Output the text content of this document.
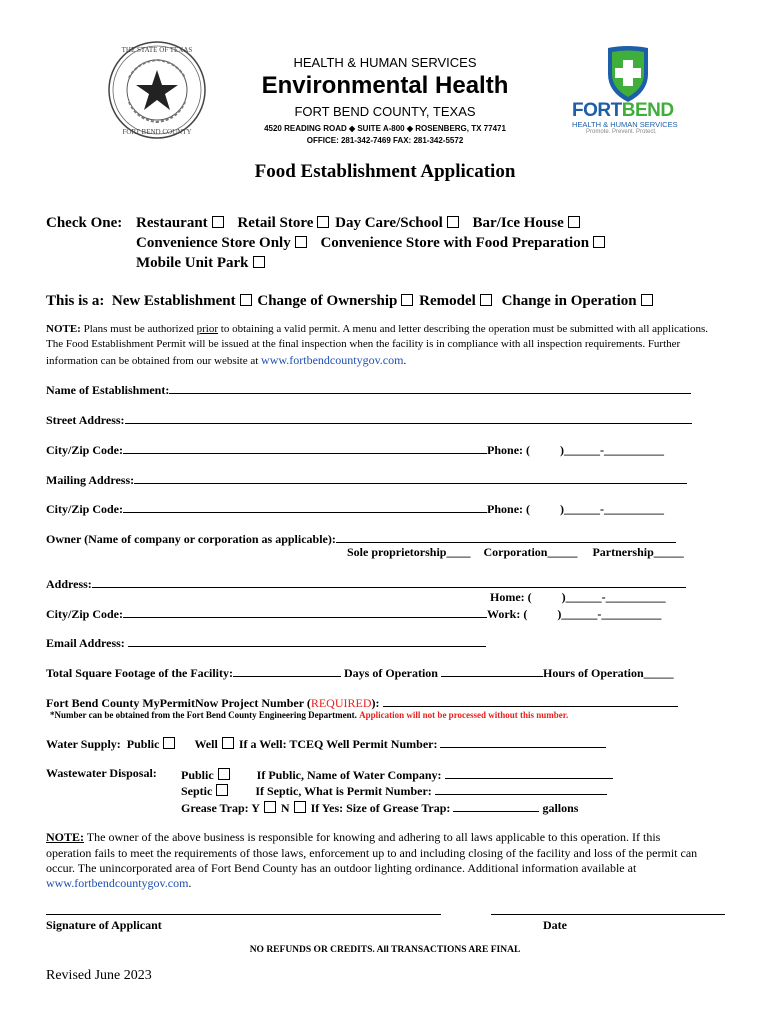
THE STATE OF TEXAS
FORT BEND COUNTY
HEALTH & HUMAN SERVICES
Environmental Health
FORT BEND COUNTY, TEXAS
4520 READING ROAD ◆ SUITE A-800 ◆ ROSENBERG, TX 77471
OFFICE: 281-342-7469 FAX: 281-342-5572
FORTBEND
HEALTH & HUMAN SERVICES
Promote. Prevent. Protect.
Food Establishment Application
Check One: Restaurant Retail Store Day Care/School Bar/Ice House
Convenience Store Only Convenience Store with Food Preparation
Mobile Unit Park
This is a: New Establishment Change of Ownership Remodel Change in Operation
NOTE: Plans must be authorized prior to obtaining a valid permit. A menu and letter describing the operation must be submitted with all applications.
The Food Establishment Permit will be issued at the final inspection when the facility is in compliance with all inspection requirements. Further
information can be obtained from our website at www.fortbendcountygov.com.
Name of Establishment:
Street Address:
City/Zip Code:	Phone: (	)______-__________
Mailing Address:
City/Zip Code:	Phone: (	)______-__________
Owner (Name of company or corporation as applicable):
Sole proprietorship____ Corporation_____ Partnership_____
Address:
Home: (	)______-__________
City/Zip Code:	Work: (	)______-__________
Email Address:
Total Square Footage of the Facility:	Days of Operation	Hours of Operation_____
Fort Bend County MyPermitNow Project Number (REQUIRED):
*Number can be obtained from the Fort Bend County Engineering Department. Application will not be processed without this number.
Water Supply: Public	Well If a Well: TCEQ Well Permit Number:
Wastewater Disposal: Public	If Public, Name of Water Company:
Septic	If Septic, What is Permit Number:
Grease Trap: Y N If Yes: Size of Grease Trap:	gallons
NOTE: The owner of the above business is responsible for knowing and adhering to all laws applicable to this operation. If this
operation fails to meet the requirements of those laws, enforcement up to and including closing of the facility and loss of the permit can
occur. The unincorporated area of Fort Bend County has an outdoor lighting ordinance. Additional information available at
www.fortbendcountygov.com.
Signature of Applicant	Date
NO REFUNDS OR CREDITS. All TRANSACTIONS ARE FINAL
Revised June 2023
